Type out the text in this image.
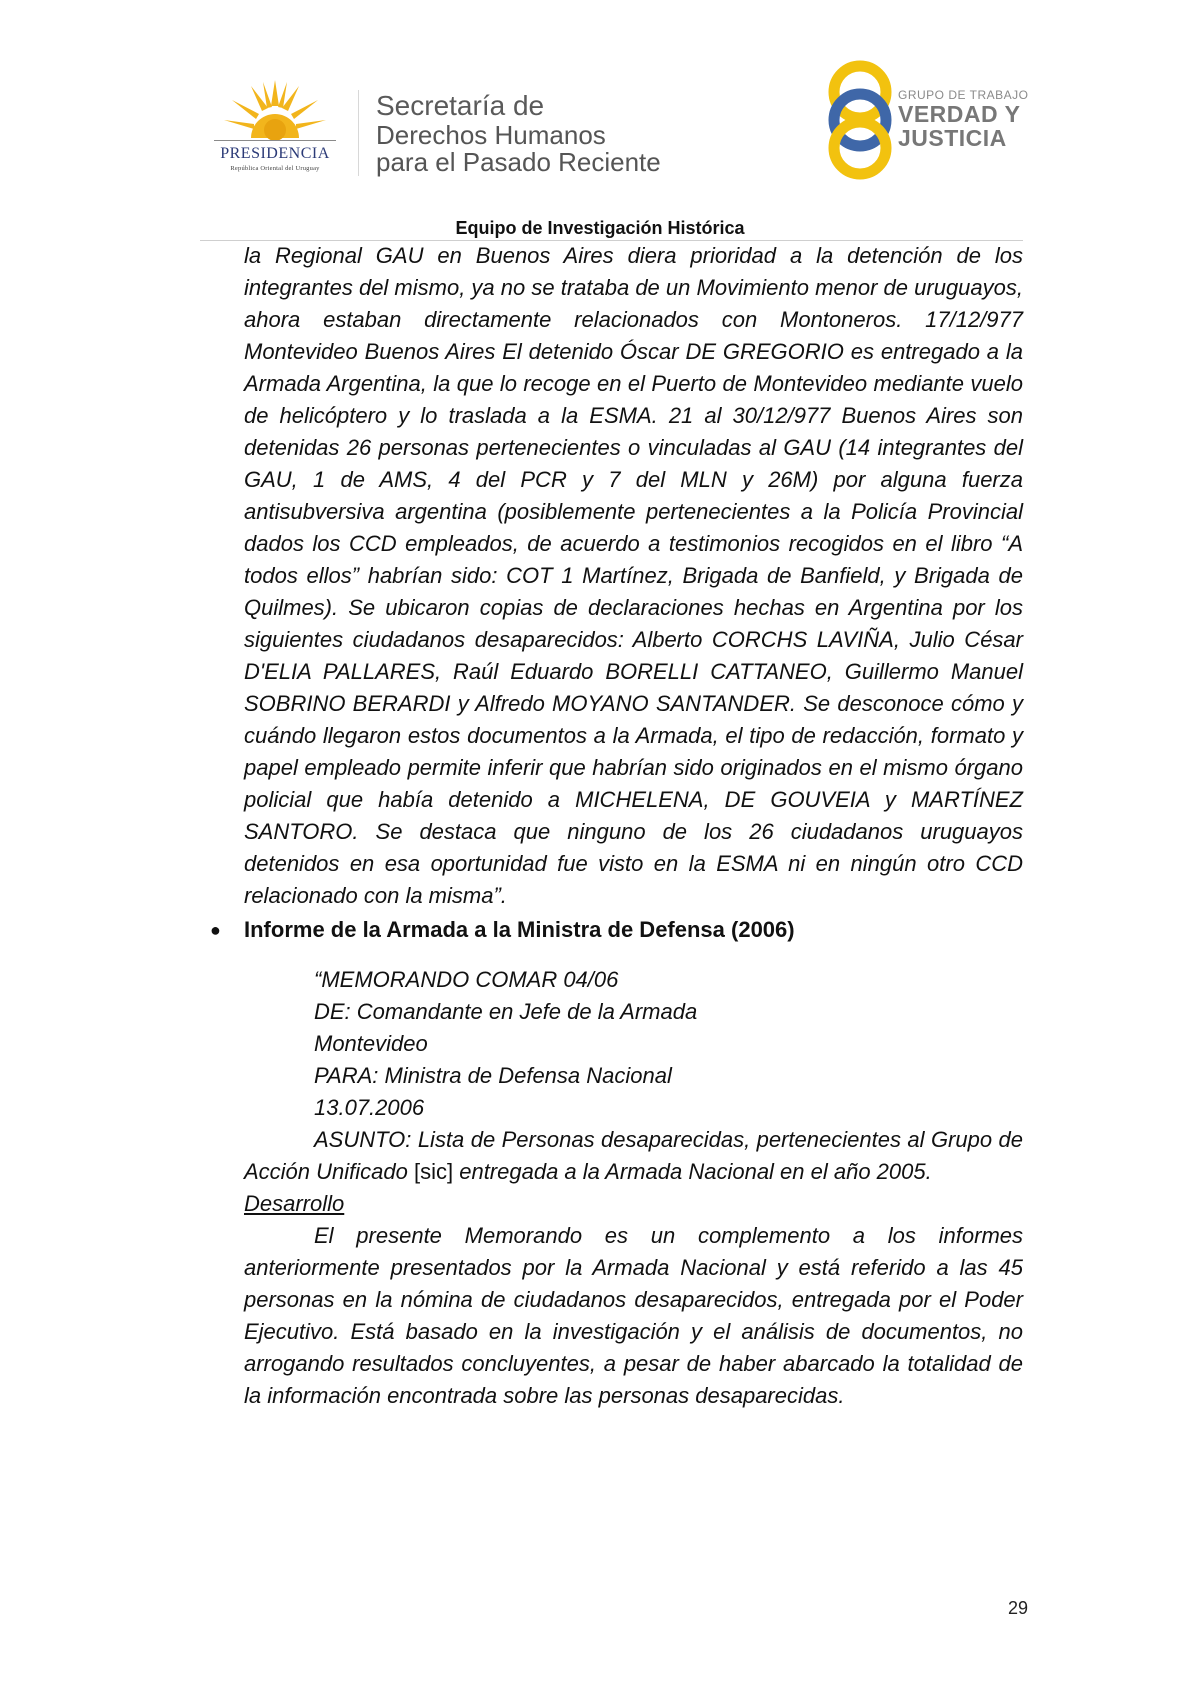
PRESIDENCIA
República Oriental del Uruguay
Secretaría de
Derechos Humanos
para el Pasado Reciente
GRUPO DE TRABAJO
VERDAD Y
JUSTICIA
Equipo de Investigación Histórica
la Regional GAU en Buenos Aires diera prioridad a la detención de los integrantes del mismo, ya no se trataba de un Movimiento menor de uruguayos, ahora estaban directamente relacionados con Montoneros. 17/12/977 Montevideo Buenos Aires El detenido Óscar DE GREGORIO es entregado a la Armada Argentina, la que lo recoge en el Puerto de Montevideo mediante vuelo de helicóptero y lo traslada a la ESMA. 21 al 30/12/977 Buenos Aires son detenidas 26 personas pertenecientes o vinculadas al GAU (14 integrantes del GAU, 1 de AMS, 4 del PCR y 7 del MLN y 26M) por alguna fuerza antisubversiva argentina (posiblemente pertenecientes a la Policía Provincial dados los CCD empleados, de acuerdo a testimonios recogidos en el libro “A todos ellos” habrían sido: COT 1 Martínez, Brigada de Banfield, y Brigada de Quilmes). Se ubicaron copias de declaraciones hechas en Argentina por los siguientes ciudadanos desaparecidos: Alberto CORCHS LAVIÑA, Julio César D'ELIA PALLARES, Raúl Eduardo BORELLI CATTANEO, Guillermo Manuel SOBRINO BERARDI y Alfredo MOYANO SANTANDER. Se desconoce cómo y cuándo llegaron estos documentos a la Armada, el tipo de redacción, formato y papel empleado permite inferir que habrían sido originados en el mismo órgano policial que había detenido a MICHELENA, DE GOUVEIA y MARTÍNEZ SANTORO. Se destaca que ninguno de los 26 ciudadanos uruguayos detenidos en esa oportunidad fue visto en la ESMA ni en ningún otro CCD relacionado con la misma”.
● Informe de la Armada a la Ministra de Defensa (2006)
“MEMORANDO COMAR 04/06
DE: Comandante en Jefe de la Armada
Montevideo
PARA: Ministra de Defensa Nacional
13.07.2006
ASUNTO: Lista de Personas desaparecidas, pertenecientes al Grupo de Acción Unificado [sic] entregada a la Armada Nacional en el año 2005.
Desarrollo
El presente Memorando es un complemento a los informes anteriormente presentados por la Armada Nacional y está referido a las 45 personas en la nómina de ciudadanos desaparecidos, entregada por el Poder Ejecutivo. Está basado en la investigación y el análisis de documentos, no arrogando resultados concluyentes, a pesar de haber abarcado la totalidad de la información encontrada sobre las personas desaparecidas.
29
